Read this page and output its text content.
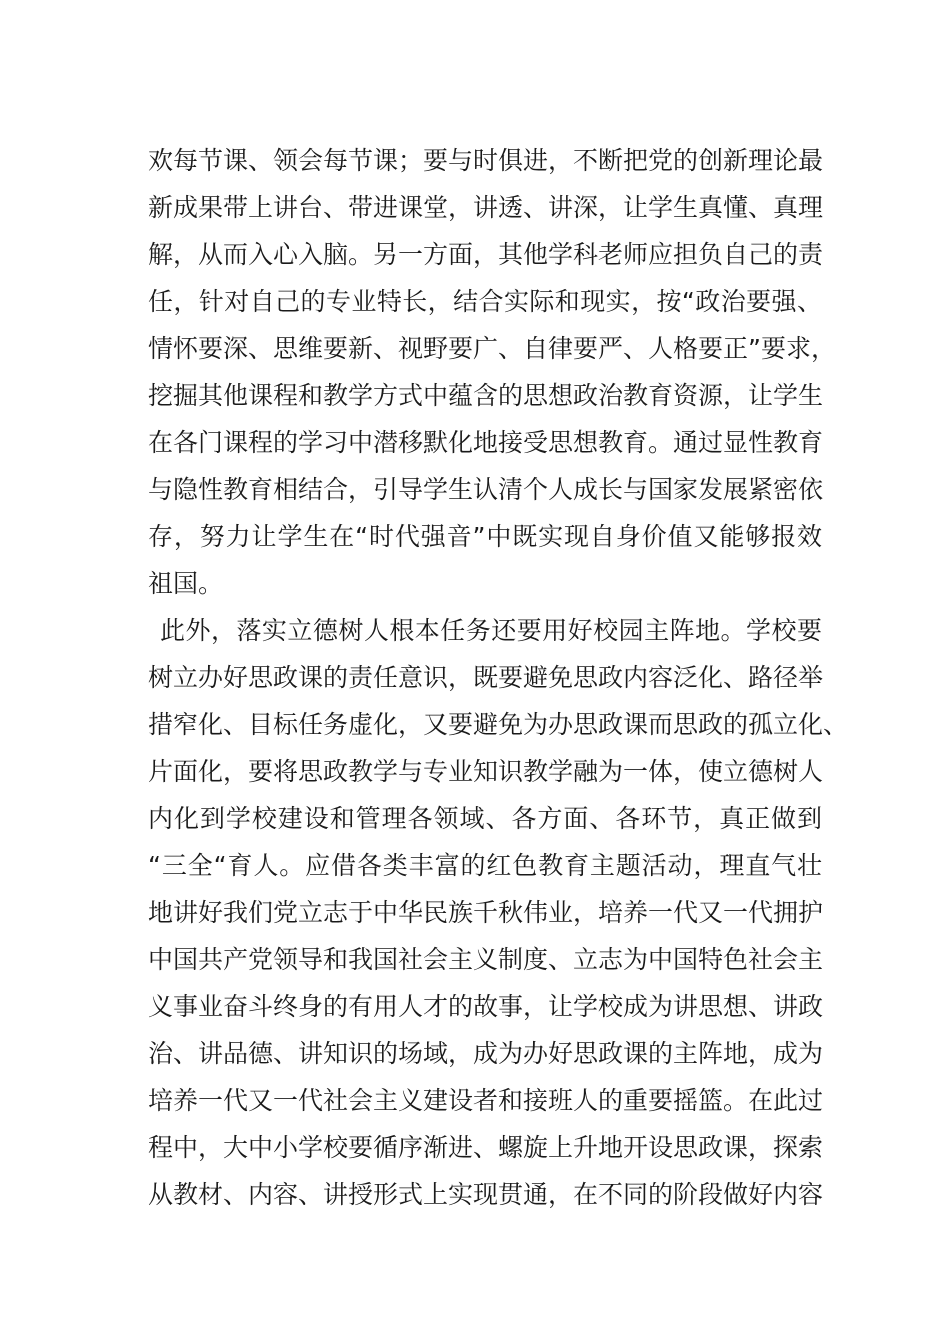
欢每节课、领会每节课；要与时俱进，不断把党的创新理论最
新成果带上讲台、带进课堂，讲透、讲深，让学生真懂、真理
解，从而入心入脑。另一方面，其他学科老师应担负自己的责
任，针对自己的专业特长，结合实际和现实，按“政治要强、
情怀要深、思维要新、视野要广、自律要严、人格要正”要求，
挖掘其他课程和教学方式中蕴含的思想政治教育资源，让学生
在各门课程的学习中潜移默化地接受思想教育。通过显性教育
与隐性教育相结合，引导学生认清个人成长与国家发展紧密依
存，努力让学生在“时代强音”中既实现自身价值又能够报效
祖国。
此外，落实立德树人根本任务还要用好校园主阵地。学校要
树立办好思政课的责任意识，既要避免思政内容泛化、路径举
措窄化、目标任务虚化，又要避免为办思政课而思政的孤立化、
片面化，要将思政教学与专业知识教学融为一体，使立德树人
内化到学校建设和管理各领域、各方面、各环节，真正做到
“三全“育人。应借各类丰富的红色教育主题活动，理直气壮
地讲好我们党立志于中华民族千秋伟业，培养一代又一代拥护
中国共产党领导和我国社会主义制度、立志为中国特色社会主
义事业奋斗终身的有用人才的故事，让学校成为讲思想、讲政
治、讲品德、讲知识的场域，成为办好思政课的主阵地，成为
培养一代又一代社会主义建设者和接班人的重要摇篮。在此过
程中，大中小学校要循序渐进、螺旋上升地开设思政课，探索
从教材、内容、讲授形式上实现贯通，在不同的阶段做好内容
